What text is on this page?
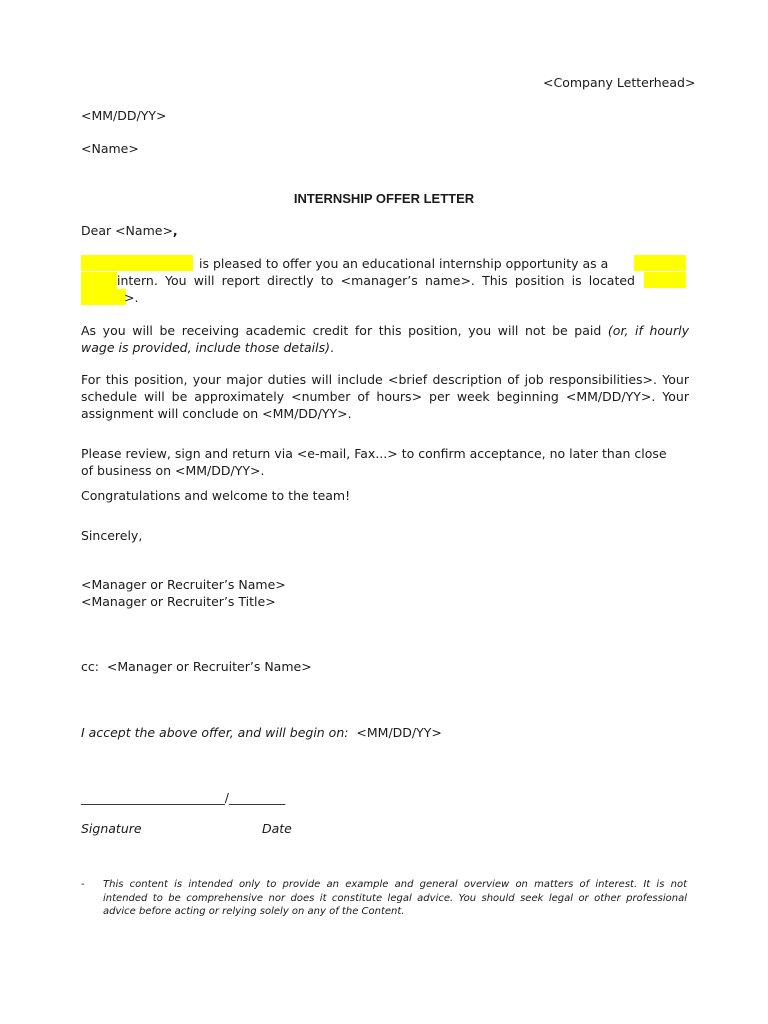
<Company Letterhead>
<MM/DD/YY>
<Name>
INTERNSHIP OFFER LETTER
Dear <Name>,
is pleased to offer you an educational internship opportunity as a
intern. You will report directly to <manager’s name>. This position is located
>.
As you will be receiving academic credit for this position, you will not be paid (or, if hourly
wage is provided, include those details).
For this position, your major duties will include <brief description of job responsibilities>. Your
schedule will be approximately <number of hours> per week beginning <MM/DD/YY>. Your
assignment will conclude on <MM/DD/YY>.
Please review, sign and return via <e-mail, Fax...> to confirm acceptance, no later than close
of business on <MM/DD/YY>.
Congratulations and welcome to the team!
Sincerely,
<Manager or Recruiter’s Name>
<Manager or Recruiter’s Title>
cc: <Manager or Recruiter’s Name>
I accept the above offer, and will begin on: <MM/DD/YY>
_______________________/_________
Signature	Date
- This content is intended only to provide an example and general overview on matters of interest. It is not
intended to be comprehensive nor does it constitute legal advice. You should seek legal or other professional
advice before acting or relying solely on any of the Content.
